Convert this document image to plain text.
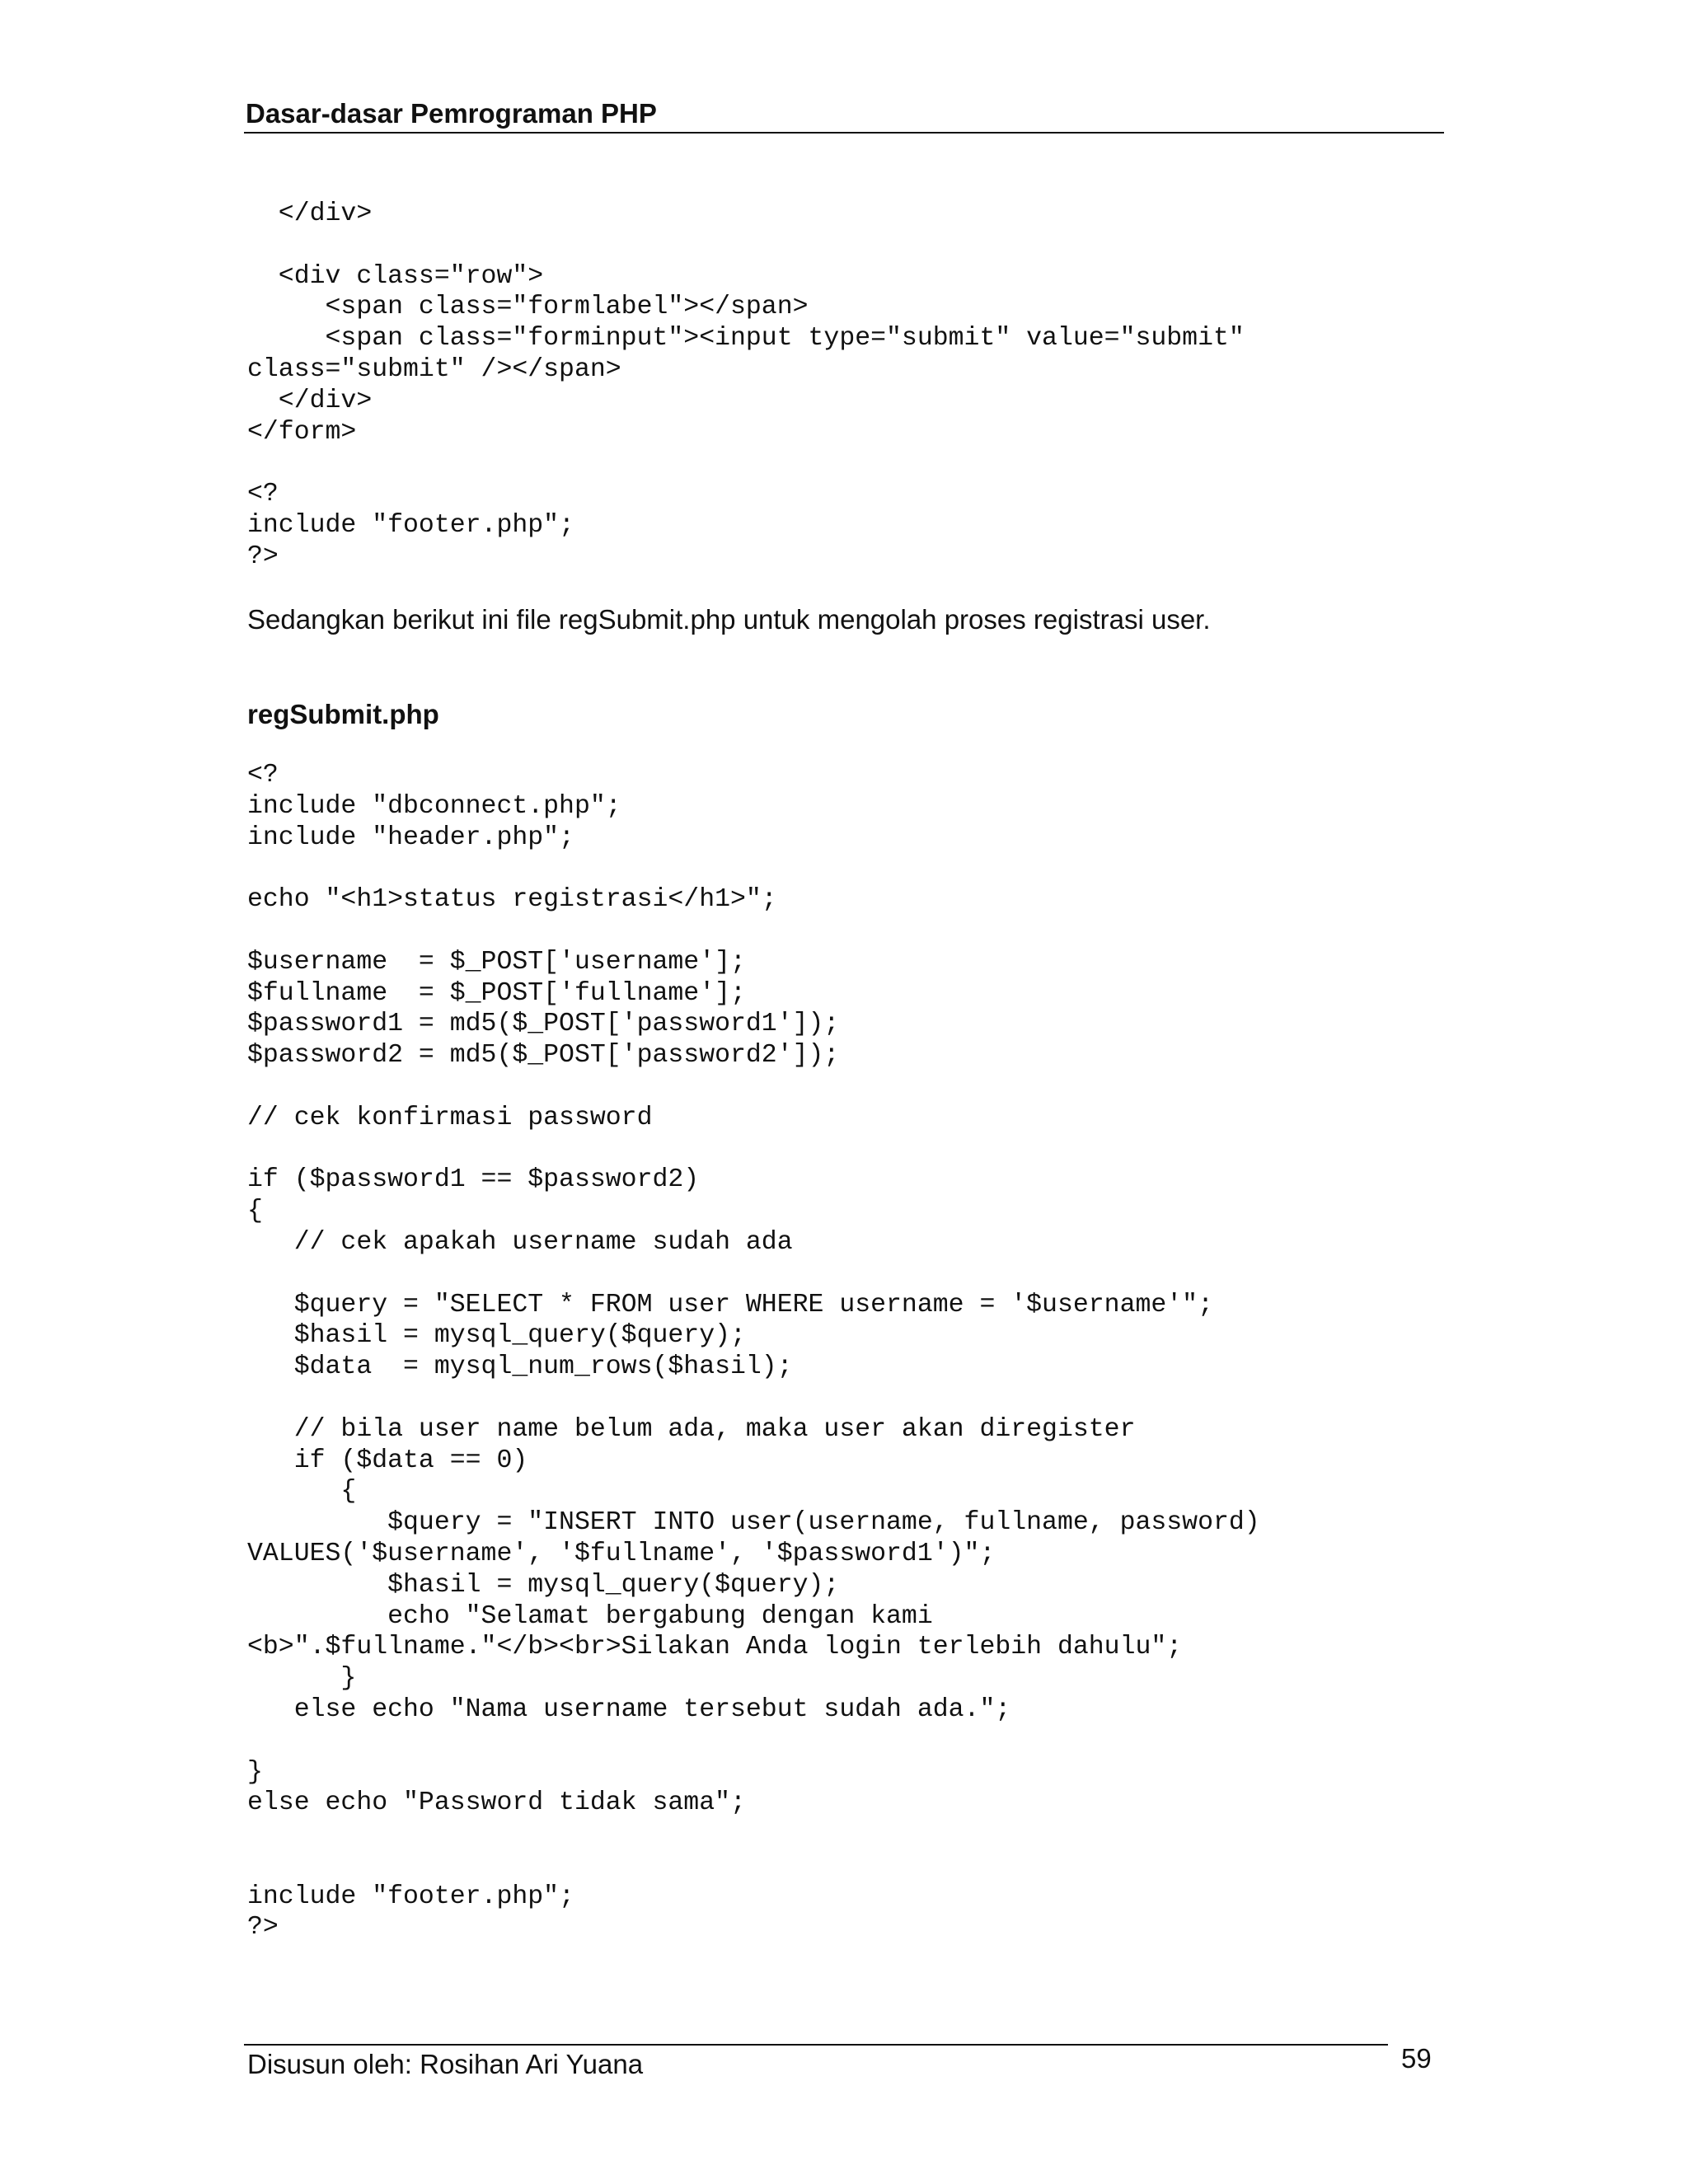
Dasar-dasar Pemrograman PHP
</div>

<div class="row">
<span class="formlabel"></span>
<span class="forminput"><input type="submit" value="submit"
class="submit" /></span>
</div>
</form>

<?
include "footer.php";
?>
Sedangkan berikut ini file regSubmit.php untuk mengolah proses registrasi user.
regSubmit.php
<?
include "dbconnect.php";
include "header.php";

echo "<h1>status registrasi</h1>";

$username  = $_POST['username'];
$fullname  = $_POST['fullname'];
$password1 = md5($_POST['password1']);
$password2 = md5($_POST['password2']);

// cek konfirmasi password

if ($password1 == $password2)
{
// cek apakah username sudah ada

$query = "SELECT * FROM user WHERE username = '$username'";
$hasil = mysql_query($query);
$data  = mysql_num_rows($hasil);

// bila user name belum ada, maka user akan diregister
if ($data == 0)
{
$query = "INSERT INTO user(username, fullname, password)
VALUES('$username', '$fullname', '$password1')";
$hasil = mysql_query($query);
echo "Selamat bergabung dengan kami
<b>".$fullname."</b><br>Silakan Anda login terlebih dahulu";
}
else echo "Nama username tersebut sudah ada.";

}
else echo "Password tidak sama";

include "footer.php";
?>
Disusun oleh: Rosihan Ari Yuana	59
